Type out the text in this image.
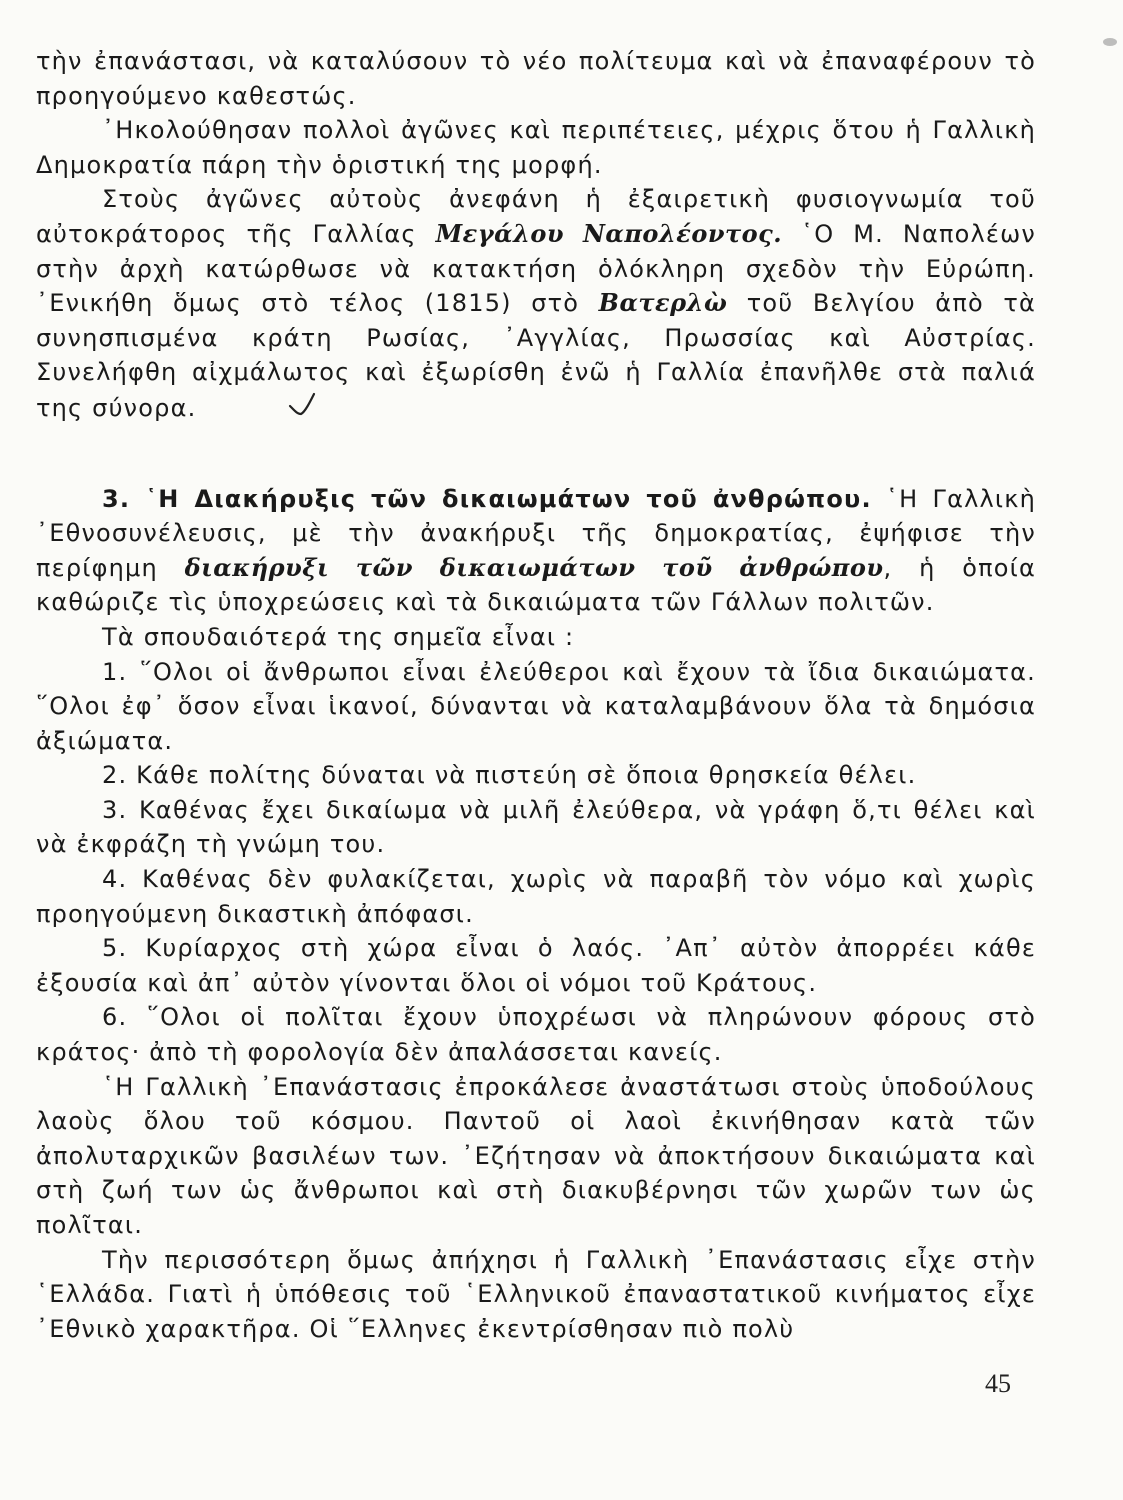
τὴν ἐπανάστασι, νὰ καταλύσουν τὸ νέο πολίτευμα καὶ νὰ ἐπαναφέρουν τὸ προηγούμενο καθεστώς.

᾿Ηκολούθησαν πολλοὶ ἀγῶνες καὶ περιπέτειες, μέχρις ὅτου ἡ Γαλλικὴ Δημοκρατία πάρη τὴν ὁριστική της μορφή.

Στοὺς ἀγῶνες αὐτοὺς ἀνεφάνη ἡ ἐξαιρετικὴ φυσιογνωμία τοῦ αὐτοκράτορος τῆς Γαλλίας Μεγάλου Ναπολέοντος. ῾Ο Μ. Ναπολέων στὴν ἀρχὴ κατώρθωσε νὰ κατακτήση ὁλόκληρη σχεδὸν τὴν Εὐρώπη. ᾿Ενικήθη ὅμως στὸ τέλος (1815) στὸ Βατερλὼ τοῦ Βελγίου ἀπὸ τὰ συνησπισμένα κράτη Ρωσίας, ᾿Αγγλίας, Πρωσσίας καὶ Αὐστρίας. Συνελήφθη αἰχμάλωτος καὶ ἐξωρίσθη ἐνῶ ἡ Γαλλία ἐπανῆλθε στὰ παλιά της σύνορα.

3. ῾Η Διακήρυξις τῶν δικαιωμάτων τοῦ ἀνθρώπου. ῾Η Γαλλικὴ ᾿Εθνοσυνέλευσις, μὲ τὴν ἀνακήρυξι τῆς δημοκρατίας, ἐψήφισε τὴν περίφημη διακήρυξι τῶν δικαιωμάτων τοῦ ἀνθρώπου, ἡ ὁποία καθώριζε τὶς ὑποχρεώσεις καὶ τὰ δικαιώματα τῶν Γάλλων πολιτῶν.

Τὰ σπουδαιότερά της σημεῖα εἶναι :

1. ῞Ολοι οἱ ἄνθρωποι εἶναι ἐλεύθεροι καὶ ἔχουν τὰ ἴδια δικαιώματα. ῞Ολοι ἐφ᾿ ὅσον εἶναι ἱκανοί, δύνανται νὰ καταλαμβάνουν ὅλα τὰ δημόσια ἀξιώματα.

2. Κάθε πολίτης δύναται νὰ πιστεύη σὲ ὅποια θρησκεία θέλει.

3. Καθένας ἔχει δικαίωμα νὰ μιλῆ ἐλεύθερα, νὰ γράφη ὅ,τι θέλει καὶ νὰ ἐκφράζη τὴ γνώμη του.

4. Καθένας δὲν φυλακίζεται, χωρὶς νὰ παραβῆ τὸν νόμο καὶ χωρὶς προηγούμενη δικαστικὴ ἀπόφασι.

5. Κυρίαρχος στὴ χώρα εἶναι ὁ λαός. ᾿Απ᾿ αὐτὸν ἀπορρέει κάθε ἐξουσία καὶ ἀπ᾿ αὐτὸν γίνονται ὅλοι οἱ νόμοι τοῦ Κράτους.

6. ῞Ολοι οἱ πολῖται ἔχουν ὑποχρέωσι νὰ πληρώνουν φόρους στὸ κράτος· ἀπὸ τὴ φορολογία δὲν ἀπαλάσσεται κανείς.

῾Η Γαλλικὴ ᾿Επανάστασις ἐπροκάλεσε ἀναστάτωσι στοὺς ὑποδούλους λαοὺς ὅλου τοῦ κόσμου. Παντοῦ οἱ λαοὶ ἐκινήθησαν κατὰ τῶν ἀπολυταρχικῶν βασιλέων των. ᾿Εζήτησαν νὰ ἀποκτήσουν δικαιώματα καὶ στὴ ζωή των ὡς ἄνθρωποι καὶ στὴ διακυβέρνησι τῶν χωρῶν των ὡς πολῖται.

Τὴν περισσότερη ὅμως ἀπήχησι ἡ Γαλλικὴ ᾿Επανάστασις εἶχε στὴν ῾Ελλάδα. Γιατὶ ἡ ὑπόθεσις τοῦ ῾Ελληνικοῦ ἐπαναστατικοῦ κινήματος εἶχε ᾿Εθνικὸ χαρακτῆρα. Οἱ ῞Ελληνες ἐκεντρίσθησαν πιὸ πολὺ

45
